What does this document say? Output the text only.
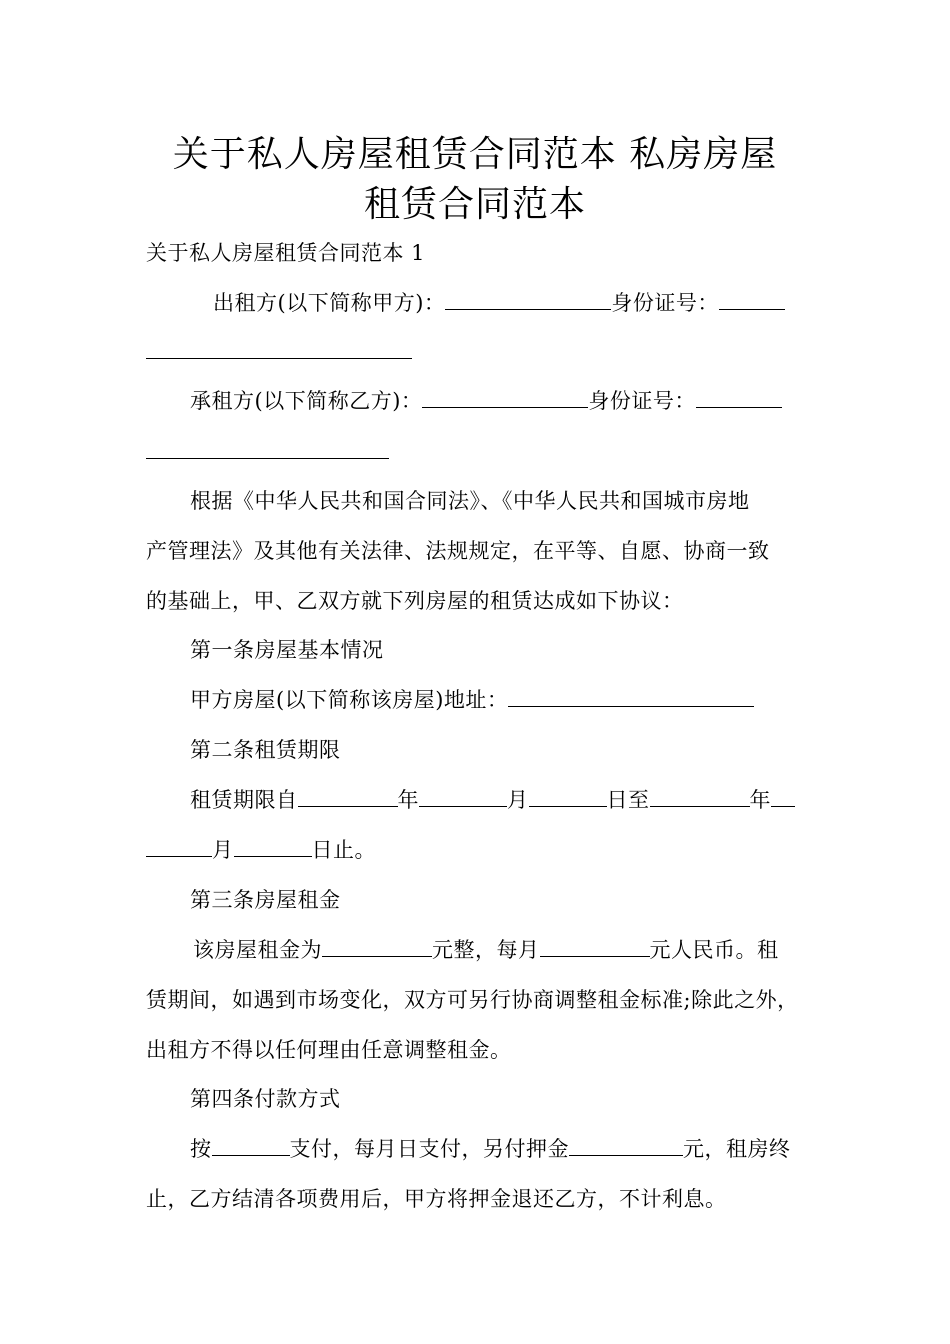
关于私人房屋租赁合同范本 私房房屋
租赁合同范本
关于私人房屋租赁合同范本 1
出租方(以下简称甲方)：	身份证号：
承租方(以下简称乙方)：	身份证号：
根据《中华人民共和国合同法》、《中华人民共和国城市房地
产管理法》及其他有关法律、法规规定，在平等、自愿、协商一致
的基础上，甲、乙双方就下列房屋的租赁达成如下协议：
第一条房屋基本情况
甲方房屋(以下简称该房屋)地址：
第二条租赁期限
租赁期限自	年	月	日至	年
月	日止。
第三条房屋租金
该房屋租金为	元整，每月	元人民币。租
赁期间，如遇到市场变化，双方可另行协商调整租金标准;除此之外，
出租方不得以任何理由任意调整租金。
第四条付款方式
按	支付，每月日支付，另付押金	元，租房终
止，乙方结清各项费用后，甲方将押金退还乙方，不计利息。
